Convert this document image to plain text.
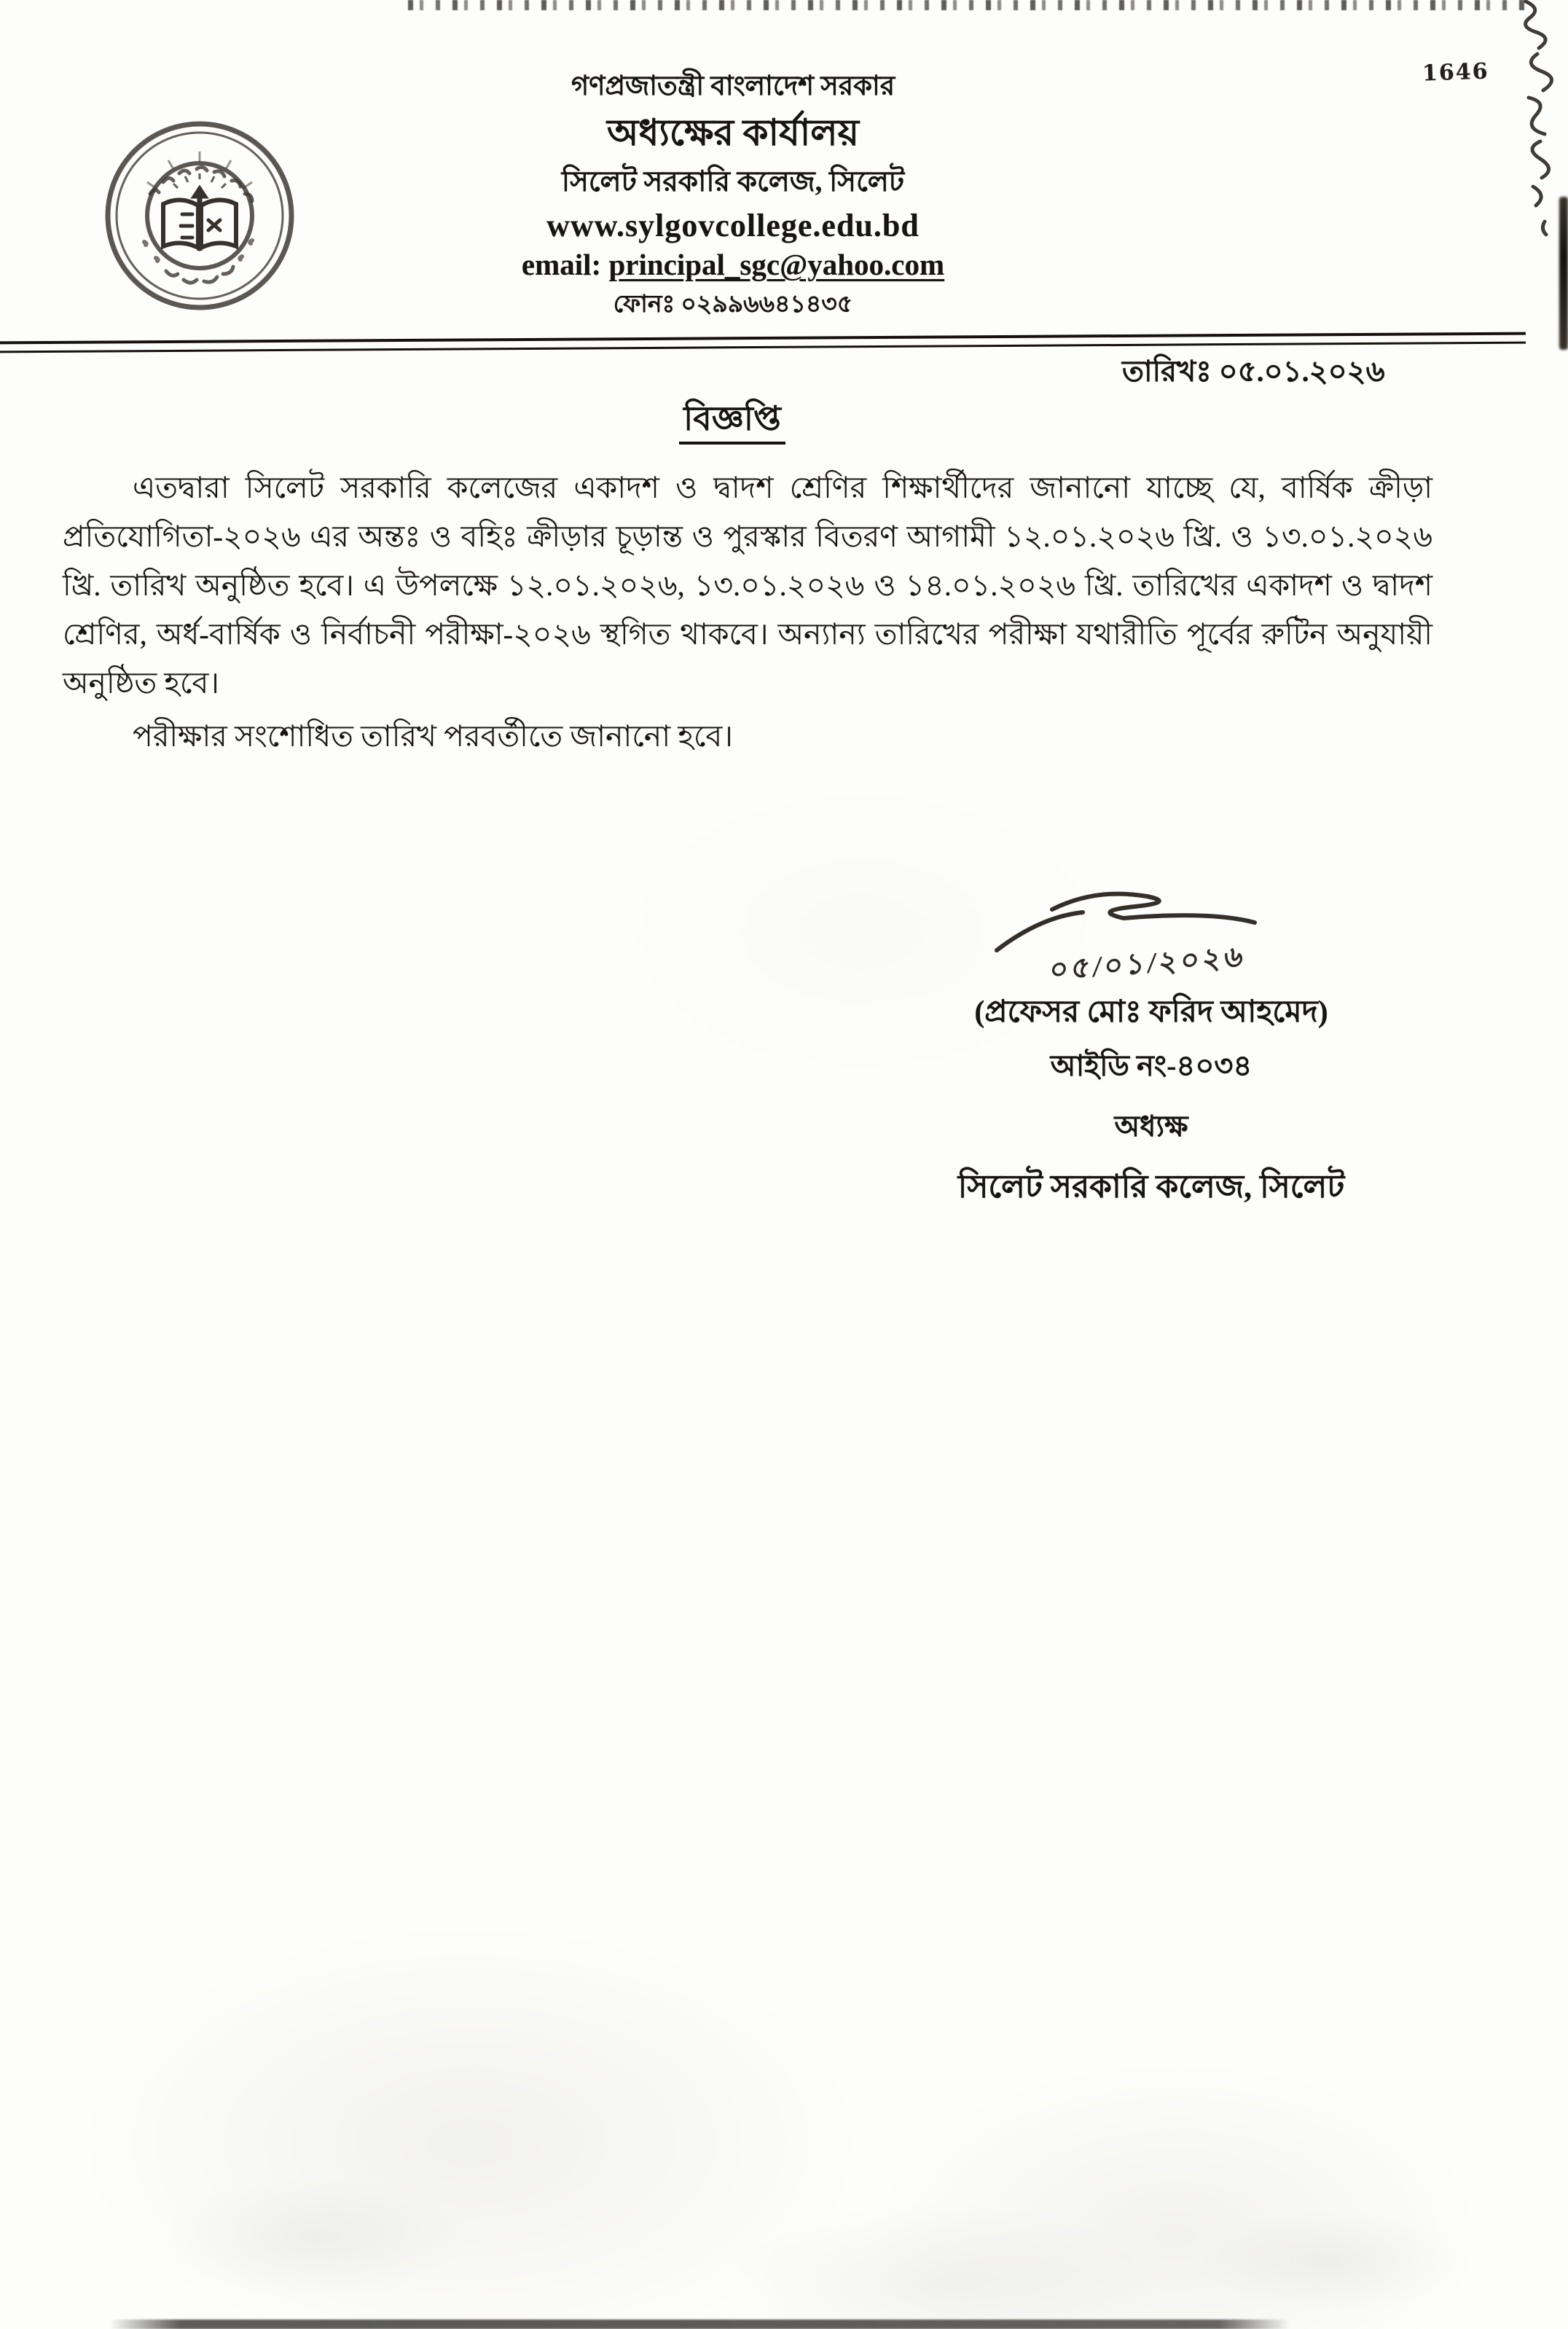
1646
গণপ্রজাতন্ত্রী বাংলাদেশ সরকার
অধ্যক্ষের কার্যালয়
সিলেট সরকারি কলেজ, সিলেট
www.sylgovcollege.edu.bd
email: principal_sgc@yahoo.com
ফোনঃ ০২৯৯৬৬৪১৪৩৫
তারিখঃ ০৫.০১.২০২৬
বিজ্ঞপ্তি

এতদ্বারা সিলেট সরকারি কলেজের একাদশ ও দ্বাদশ শ্রেণির শিক্ষার্থীদের জানানো যাচ্ছে যে, বার্ষিক ক্রীড়া প্রতিযোগিতা-২০২৬ এর অন্তঃ ও বহিঃ ক্রীড়ার চূড়ান্ত ও পুরস্কার বিতরণ আগামী ১২.০১.২০২৬ খ্রি. ও ১৩.০১.২০২৬ খ্রি. তারিখ অনুষ্ঠিত হবে। এ উপলক্ষে ১২.০১.২০২৬, ১৩.০১.২০২৬ ও ১৪.০১.২০২৬ খ্রি. তারিখের একাদশ ও দ্বাদশ শ্রেণির, অর্ধ-বার্ষিক ও নির্বাচনী পরীক্ষা-২০২৬ স্থগিত থাকবে। অন্যান্য তারিখের পরীক্ষা যথারীতি পূর্বের রুটিন অনুযায়ী অনুষ্ঠিত হবে।

পরীক্ষার সংশোধিত তারিখ পরবর্তীতে জানানো হবে।

০৫/০১/২০২৬
(প্রফেসর মোঃ ফরিদ আহমেদ)
আইডি নং-৪০৩৪
অধ্যক্ষ
সিলেট সরকারি কলেজ, সিলেট
